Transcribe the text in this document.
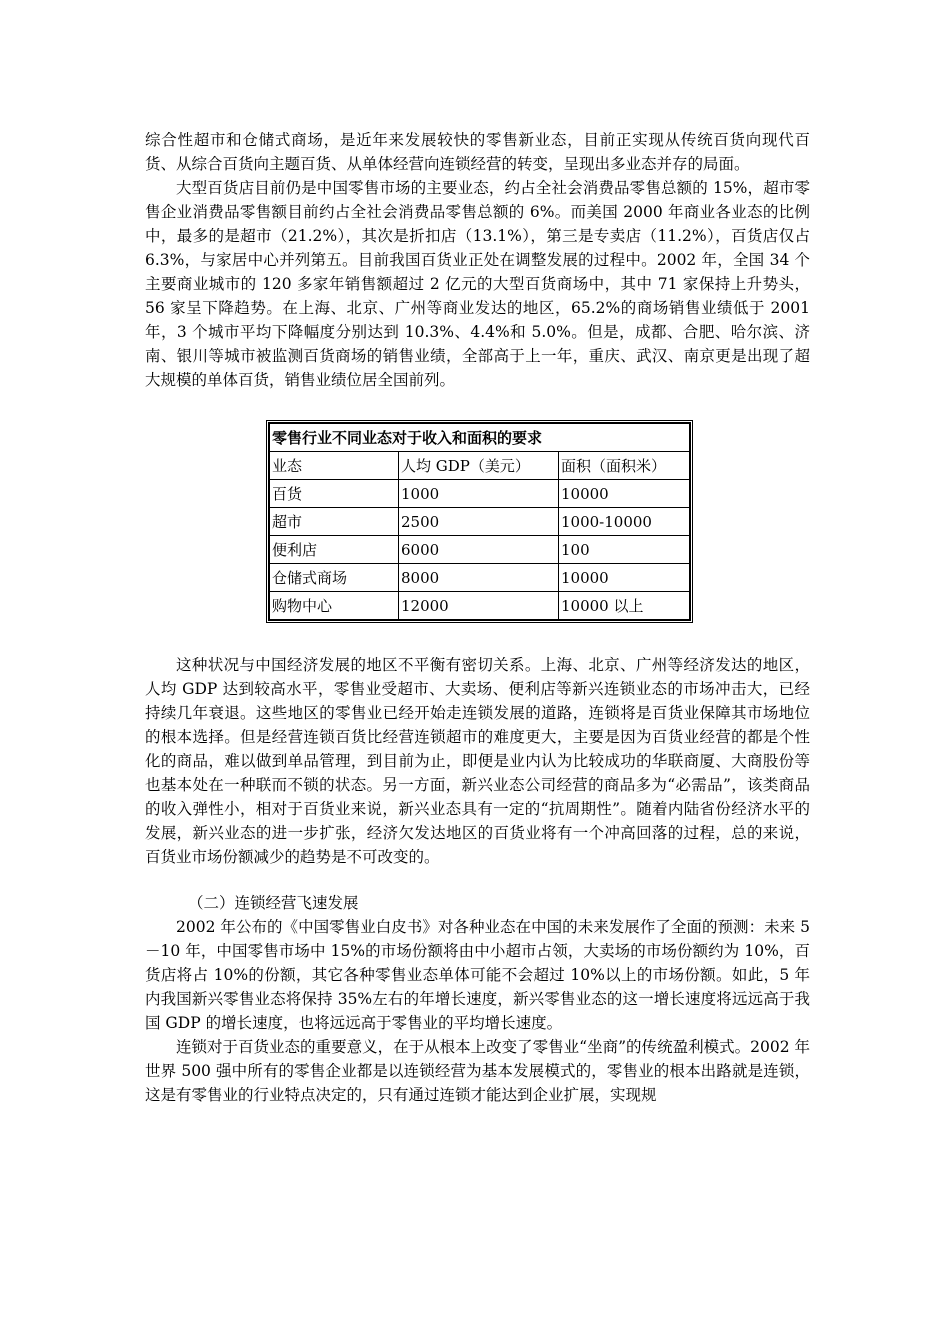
综合性超市和仓储式商场，是近年来发展较快的零售新业态，目前正实现从传统百货向现代百货、从综合百货向主题百货、从单体经营向连锁经营的转变，呈现出多业态并存的局面。

大型百货店目前仍是中国零售市场的主要业态，约占全社会消费品零售总额的 15%，超市零售企业消费品零售额目前约占全社会消费品零售总额的 6%。而美国 2000 年商业各业态的比例中，最多的是超市（21.2%），其次是折扣店（13.1%），第三是专卖店（11.2%），百货店仅占 6.3%，与家居中心并列第五。目前我国百货业正处在调整发展的过程中。2002 年，全国 34 个主要商业城市的 120 多家年销售额超过 2 亿元的大型百货商场中，其中 71 家保持上升势头，56 家呈下降趋势。在上海、北京、广州等商业发达的地区，65.2%的商场销售业绩低于 2001 年，3 个城市平均下降幅度分别达到 10.3%、4.4%和 5.0%。但是，成都、合肥、哈尔滨、济南、银川等城市被监测百货商场的销售业绩，全部高于上一年，重庆、武汉、南京更是出现了超大规模的单体百货，销售业绩位居全国前列。

零售行业不同业态对于收入和面积的要求		
业态	人均 GDP（美元）	面积（面积米）
百货	1000	10000
超市	2500	1000-10000
便利店	6000	100
仓储式商场	8000	10000
购物中心	12000	10000 以上

这种状况与中国经济发展的地区不平衡有密切关系。上海、北京、广州等经济发达的地区，人均 GDP 达到较高水平，零售业受超市、大卖场、便利店等新兴连锁业态的市场冲击大，已经持续几年衰退。这些地区的零售业已经开始走连锁发展的道路，连锁将是百货业保障其市场地位的根本选择。但是经营连锁百货比经营连锁超市的难度更大，主要是因为百货业经营的都是个性化的商品，难以做到单品管理，到目前为止，即便是业内认为比较成功的华联商厦、大商股份等也基本处在一种联而不锁的状态。另一方面，新兴业态公司经营的商品多为“必需品”，该类商品的收入弹性小，相对于百货业来说，新兴业态具有一定的“抗周期性”。随着内陆省份经济水平的发展，新兴业态的进一步扩张，经济欠发达地区的百货业将有一个冲高回落的过程，总的来说，百货业市场份额减少的趋势是不可改变的。

（二）连锁经营飞速发展

2002 年公布的《中国零售业白皮书》对各种业态在中国的未来发展作了全面的预测：未来 5－10 年，中国零售市场中 15%的市场份额将由中小超市占领，大卖场的市场份额约为 10%，百货店将占 10%的份额，其它各种零售业态单体可能不会超过 10%以上的市场份额。如此，5 年内我国新兴零售业态将保持 35%左右的年增长速度，新兴零售业态的这一增长速度将远远高于我国 GDP 的增长速度，也将远远高于零售业的平均增长速度。

连锁对于百货业态的重要意义，在于从根本上改变了零售业“坐商”的传统盈利模式。2002 年世界 500 强中所有的零售企业都是以连锁经营为基本发展模式的，零售业的根本出路就是连锁，这是有零售业的行业特点决定的，只有通过连锁才能达到企业扩展，实现规
